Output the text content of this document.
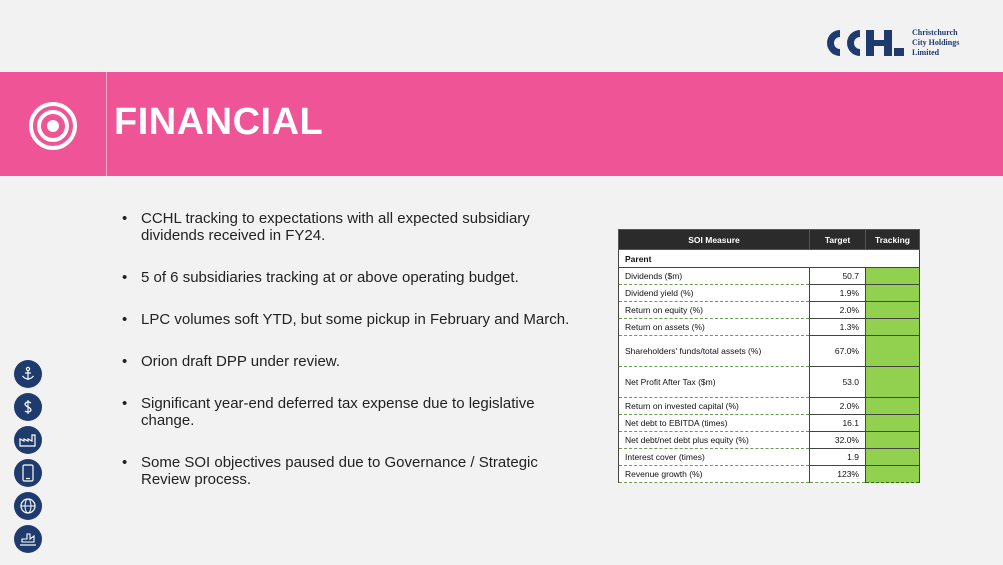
Christchurch
City Holdings
Limited
FINANCIAL
• CCHL tracking to expectations with all expected subsidiary dividends received in FY24.
• 5 of 6 subsidiaries tracking at or above operating budget.
• LPC volumes soft YTD, but some pickup in February and March.
• Orion draft DPP under review.
• Significant year-end deferred tax expense due to legislative change.
• Some SOI objectives paused due to Governance / Strategic Review process.
SOI Measure	Target	Tracking
Parent		
Dividends ($m)	50.7	
Dividend yield (%)	1.9%	
Return on equity (%)	2.0%	
Return on assets (%)	1.3%	
Shareholders' funds/total assets (%)	67.0%	
Net Profit After Tax ($m)	53.0	
Return on invested capital (%)	2.0%	
Net debt to EBITDA (times)	16.1	
Net debt/net debt plus equity (%)	32.0%	
Interest cover (times)	1.9	
Revenue growth (%)	123%	
